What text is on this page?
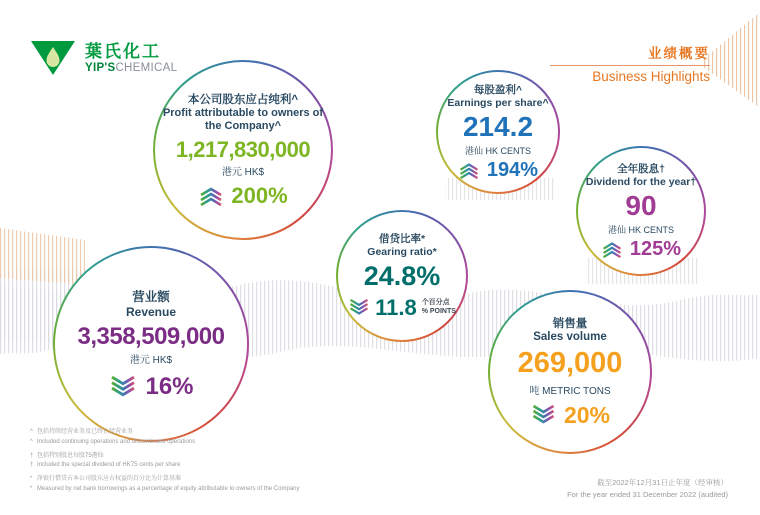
葉氏化工
YIP'SCHEMICAL
业绩概要
Business Highlights
本公司股东应占纯利^
Profit attributable to owners of the Company^
1,217,830,000
港元 HK$
200%
每股盈利^
Earnings per share^
214.2
港仙 HK CENTS
194%	全年股息†
Dividend for the year†
90
港仙 HK CENTS
125%
借贷比率*
Gearing ratio*
24.8%
11.8 个百分点
% POINTS
营业额
Revenue
3,358,509,000
港元 HK$
16%
销售量
Sales volume
269,000
吨 METRIC TONS
20%
^ 包括持续经营业务及已终止经营业务
^ Included continuing operations and discontinued operations
† 包括特别股息每股75港仙
† Included the special dividend of HK75 cents per share
* 净银行借贷占本公司股东应占权益的百分比为计算基准
* Measured by net bank borrowings as a percentage of equity attributable to owners of the Company
截至2022年12月31日止年度（经审核）
For the year ended 31 December 2022 (audited)
